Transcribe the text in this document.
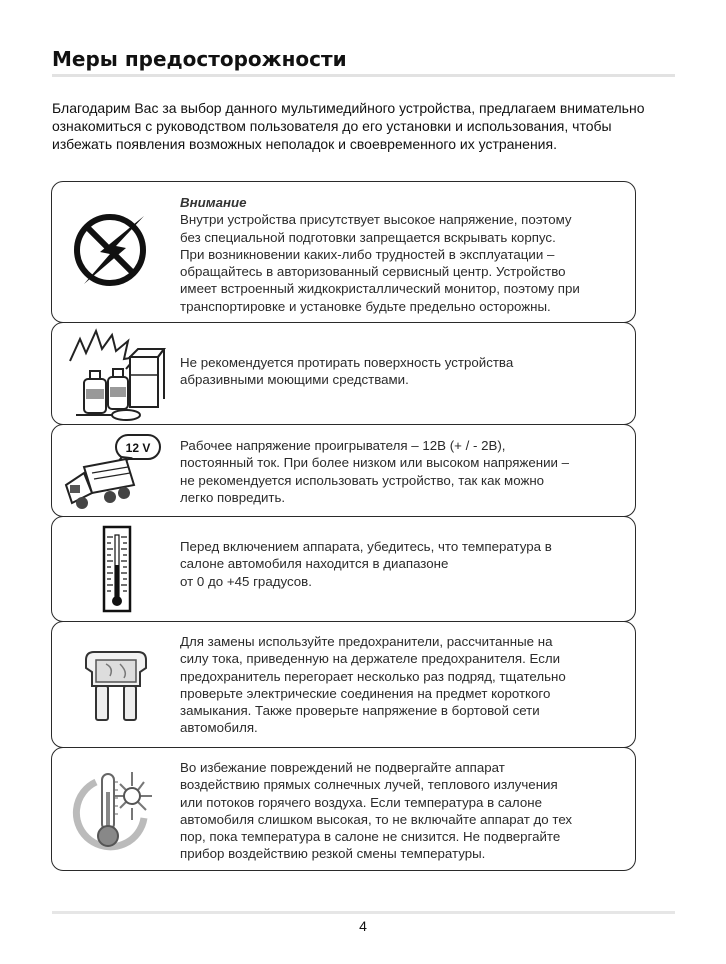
Меры предосторожности
Благодарим Вас за выбор данного мультимедийного устройства, предлагаем внимательно ознакомиться с руководством пользователя до его установки и использования, чтобы избежать появления возможных неполадок и своевременного их устранения.
Внимание
Внутри устройства присутствует высокое напряжение, поэтому
без специальной подготовки запрещается вскрывать корпус.
При возникновении каких-либо трудностей в эксплуатации –
обращайтесь в авторизованный сервисный центр. Устройство
имеет встроенный жидкокристаллический монитор, поэтому при
транспортировке и установке будьте предельно осторожны.
Не рекомендуется протирать поверхность устройства
абразивными моющими средствами.
12 V Рабочее напряжение проигрывателя – 12В (+ / - 2В),
постоянный ток. При более низком или высоком напряжении –
не рекомендуется использовать устройство, так как можно
легко повредить.
Перед включением аппарата, убедитесь, что температура в
салоне автомобиля находится в диапазоне
от 0 до +45 градусов.
Для замены используйте предохранители, рассчитанные на
силу тока, приведенную на держателе предохранителя. Если
предохранитель перегорает несколько раз подряд, тщательно
проверьте электрические соединения на предмет короткого
замыкания. Также проверьте напряжение в бортовой сети
автомобиля.
Во избежание повреждений не подвергайте аппарат
воздействию прямых солнечных лучей, теплового излучения
или потоков горячего воздуха. Если температура в салоне
автомобиля слишком высокая, то не включайте аппарат до тех
пор, пока температура в салоне не снизится. Не подвергайте
прибор воздействию резкой смены температуры.
4
